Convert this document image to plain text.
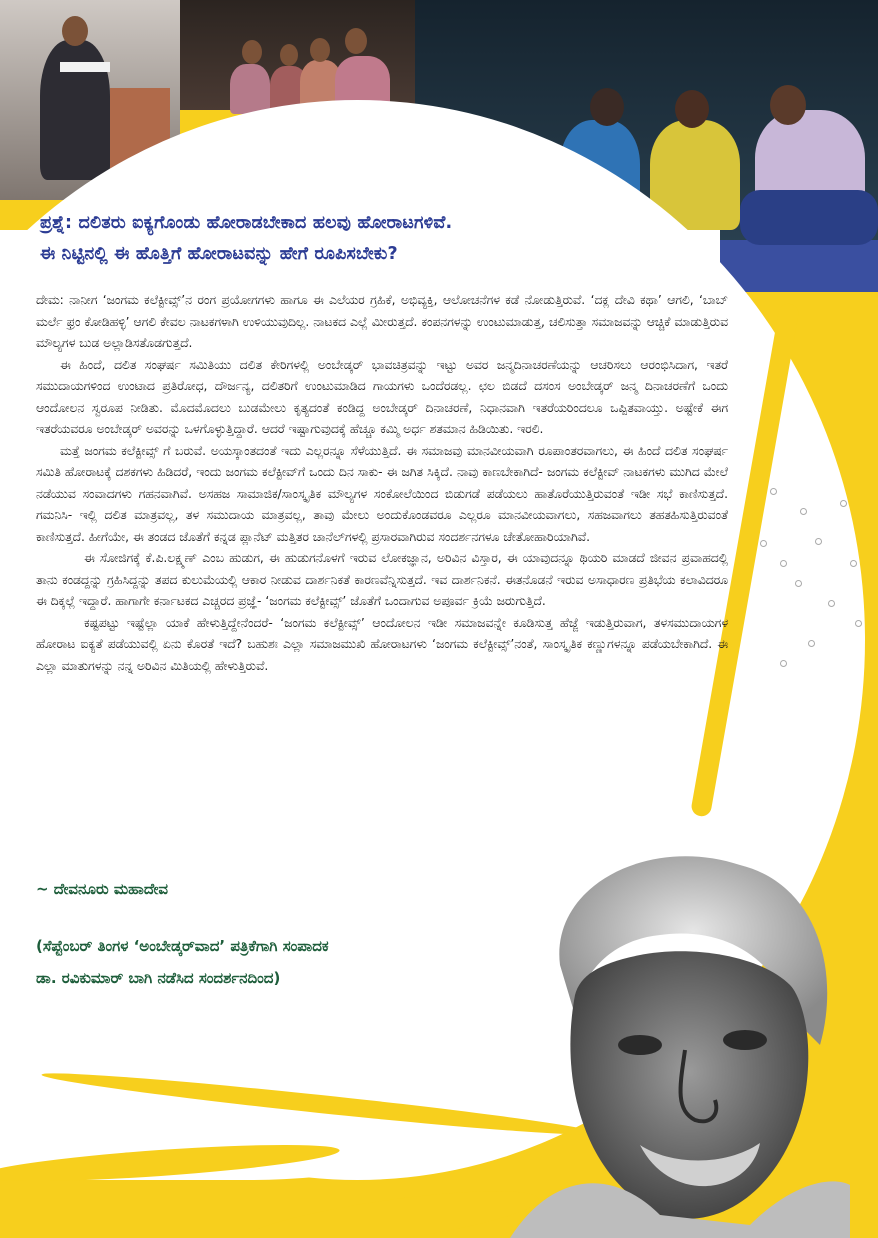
ಪ್ರಶ್ನೆ: ದಲಿತರು ಐಕ್ಯಗೊಂಡು ಹೋರಾಡಬೇಕಾದ ಹಲವು ಹೋರಾಟಗಳಿವೆ.
ಈ ನಿಟ್ಟಿನಲ್ಲಿ ಈ ಹೊತ್ತಿಗೆ ಹೋರಾಟವನ್ನು ಹೇಗೆ ರೂಪಿಸಬೇಕು?

ದೇಮ: ನಾನೀಗ ‘ಜಂಗಮ ಕಲೆಕ್ಟೀವ್ಸ್’ನ ರಂಗ ಪ್ರಯೋಗಗಳು ಹಾಗೂ ಈ ಎಲೆಯರ ಗ್ರಹಿಕೆ, ಅಭಿವ್ಯಕ್ತಿ, ಆಲೋಚನೆಗಳ ಕಡೆ ನೋಡುತ್ತಿರುವೆ. ‘ದಕ್ಲ ದೇವಿ ಕಥಾ’ ಆಗಲಿ, ‘ಬಾಬ್ ಮರ್ಲೆ ಫ್ರಂ ಕೋಡಿಹಳ್ಳಿ’ ಆಗಲಿ ಕೇವಲ ನಾಟಕಗಳಾಗಿ ಉಳಿಯುವುದಿಲ್ಲ. ನಾಟಕದ ಎಲ್ಲೆ ಮೀರುತ್ತದೆ. ಕಂಪನಗಳನ್ನು ಉಂಟುಮಾಡುತ್ತ, ಚಲಿಸುತ್ತಾ ಸಮಾಜವನ್ನು ಆಚ್ಚಿಕೆ ಮಾಡುತ್ತಿರುವ ಮೌಲ್ಯಗಳ ಬುಡ ಅಲ್ಲಾಡಿಸತೊಡಗುತ್ತದೆ.

ಈ ಹಿಂದೆ, ದಲಿತ ಸಂಘರ್ಷ ಸಮಿತಿಯು ದಲಿತ ಕೇರಿಗಳಲ್ಲಿ ಅಂಬೇಡ್ಕರ್ ಭಾವಚಿತ್ರವನ್ನು ಇಟ್ಟು ಅವರ ಜನ್ಮದಿನಾಚರಣೆಯನ್ನು ಆಚರಿಸಲು ಆರಂಭಿಸಿದಾಗ, ಇತರೆ ಸಮುದಾಯಗಳಿಂದ ಉಂಟಾದ ಪ್ರತಿರೋಧ, ದೌರ್ಜನ್ಯ, ದಲಿತರಿಗೆ ಉಂಟುಮಾಡಿದ ಗಾಯಗಳು ಒಂದೆರಡಲ್ಲ. ಛಲ ಬಿಡದೆ ದಸಂಸ ಅಂಬೇಡ್ಕರ್ ಜನ್ಮ ದಿನಾಚರಣೆಗೆ ಒಂದು ಆಂದೋಲನ ಸ್ವರೂಪ ನೀಡಿತು. ಮೊದಮೊದಲು ಬುಡಮೇಲು ಕೃತ್ಯದಂತೆ ಕಂಡಿದ್ದ ಅಂಬೇಡ್ಕರ್ ದಿನಾಚರಣೆ, ನಿಧಾನವಾಗಿ ಇತರೆಯರಿಂದಲೂ ಒಪ್ಪಿತವಾಯ್ತು. ಅಷ್ಟೇಕೆ ಈಗ ಇತರೆಯವರೂ ಅಂಬೇಡ್ಕರ್ ಅವರನ್ನು ಒಳಗೊಳ್ಳುತ್ತಿದ್ದಾರೆ. ಆದರೆ ಇಷ್ಟಾಗುವುದಕ್ಕೆ ಹೆಚ್ಚೂ ಕಮ್ಮಿ ಅರ್ಧ ಶತಮಾನ ಹಿಡಿಯಿತು. ಇರಲಿ.

ಮತ್ತೆ ಜಂಗಮ ಕಲೆಕ್ಟೀವ್ಸ್ ಗೆ ಬರುವೆ. ಅಯಸ್ಕಾಂತದಂತೆ ಇದು ಎಲ್ಲರನ್ನೂ ಸೆಳೆಯುತ್ತಿದೆ. ಈ ಸಮಾಜವು ಮಾನವೀಯವಾಗಿ ರೂಪಾಂತರವಾಗಲು, ಈ ಹಿಂದೆ ದಲಿತ ಸಂಘರ್ಷ ಸಮಿತಿ ಹೋರಾಟಕ್ಕೆ ದಶಕಗಳು ಹಿಡಿದರೆ, ಇಂದು ಜಂಗಮ ಕಲೆಕ್ಟೀವ್‌ಗೆ ಒಂದು ದಿನ ಸಾಕು- ಈ ಜಗಿತ ಸಿಕ್ಕಿದೆ. ನಾವು ಕಾಣಬೇಕಾಗಿದೆ- ಜಂಗಮ ಕಲೆಕ್ಟೀವ್ ನಾಟಕಗಳು ಮುಗಿದ ಮೇಲೆ ನಡೆಯುವ ಸಂವಾದಗಳು ಗಹನವಾಗಿವೆ. ಅಸಹಜ ಸಾಮಾಜಿಕ/ಸಾಂಸ್ಕೃತಿಕ ಮೌಲ್ಯಗಳ ಸಂಕೋಲೆಯಿಂದ ಬಿಡುಗಡೆ ಪಡೆಯಲು ಹಾತೊರೆಯುತ್ತಿರುವಂತೆ ಇಡೀ ಸಭೆ ಕಾಣಿಸುತ್ತದೆ. ಗಮನಿಸಿ- ಇಲ್ಲಿ ದಲಿತ ಮಾತ್ರವಲ್ಲ, ತಳ ಸಮುದಾಯ ಮಾತ್ರವಲ್ಲ, ತಾವು ಮೇಲು ಅಂದುಕೊಂಡವರೂ ಎಲ್ಲರೂ ಮಾನವೀಯವಾಗಲು, ಸಹಜವಾಗಲು ತಹತಹಿಸುತ್ತಿರುವಂತೆ ಕಾಣಿಸುತ್ತದೆ. ಹೀಗೆಯೇ, ಈ ತಂಡದ ಜೊತೆಗೆ ಕನ್ನಡ ಪ್ಲಾನೆಟ್ ಮತ್ತಿತರ ಚಾನೆಲ್‌ಗಳಲ್ಲಿ ಪ್ರಸಾರವಾಗಿರುವ ಸಂದರ್ಶನಗಳೂ ಚೇತೋಹಾರಿಯಾಗಿವೆ.

ಈ ಸೋಜಿಗಕ್ಕೆ ಕೆ.ಪಿ.ಲಕ್ಷ್ಮಣ್ ಎಂಬ ಹುಡುಗ, ಈ ಹುಡುಗನೊಳಗೆ ಇರುವ ಲೋಕಜ್ಞಾನ, ಅರಿವಿನ ವಿಸ್ತಾರ, ಈ ಯಾವುದನ್ನೂ ಥಿಯರಿ ಮಾಡದೆ ಜೀವನ ಪ್ರವಾಹದಲ್ಲಿ ತಾನು ಕಂಡದ್ದನ್ನು ಗ್ರಹಿಸಿದ್ದನ್ನು ತಪದ ಕುಲುಮೆಯಲ್ಲಿ ಆಕಾರ ನೀಡುವ ದಾರ್ಶನಿಕತೆ ಕಾರಣವೆನ್ನಿಸುತ್ತದೆ. ಇವ ದಾರ್ಶನಿಕನೆ. ಈತನೊಡನೆ ಇರುವ ಅಸಾಧಾರಣ ಪ್ರತಿಭೆಯ ಕಲಾವಿದರೂ ಈ ದಿಕ್ಕಲ್ಲೆ ಇದ್ದಾರೆ. ಹಾಗಾಗೇ ಕರ್ನಾಟಕದ ಎಚ್ಚರದ ಪ್ರಜ್ಞೆ- ‘ಜಂಗಮ ಕಲೆಕ್ಟೀವ್ಸ್’ ಜೊತೆಗೆ ಒಂದಾಗುವ ಅಪೂರ್ವ ಕ್ರಿಯೆ ಜರುಗುತ್ತಿದೆ.

ಕಷ್ಟಪಟ್ಟು ಇಷ್ಟೆಲ್ಲಾ ಯಾಕೆ ಹೇಳುತ್ತಿದ್ದೇನೆಂದರೆ- ‘ಜಂಗಮ ಕಲೆಕ್ಟೀವ್ಸ್’ ಆಂದೋಲನ ಇಡೀ ಸಮಾಜವನ್ನೇ ಕೂಡಿಸುತ್ತ ಹೆಜ್ಜೆ ಇಡುತ್ತಿರುವಾಗ, ತಳಸಮುದಾಯಗಳ ಹೋರಾಟ ಐಕ್ಯತೆ ಪಡೆಯುವಲ್ಲಿ ಏನು ಕೊರತೆ ಇದೆ? ಬಹುಶಃ ಎಲ್ಲಾ ಸಮಾಜಮುಖಿ ಹೋರಾಟಗಳು ‘ಜಂಗಮ ಕಲೆಕ್ಟೀವ್ಸ್’ನಂತೆ, ಸಾಂಸ್ಕೃತಿಕ ಕಣ್ಣುಗಳನ್ನೂ ಪಡೆಯಬೇಕಾಗಿದೆ. ಈ ಎಲ್ಲಾ ಮಾತುಗಳನ್ನು ನನ್ನ ಅರಿವಿನ ಮಿತಿಯಲ್ಲಿ ಹೇಳುತ್ತಿರುವೆ.

~ ದೇವನೂರು ಮಹಾದೇವ
(ಸೆಪ್ಟೆಂಬರ್ ತಿಂಗಳ ‘ಅಂಬೇಡ್ಕರ್‌ವಾದ’ ಪತ್ರಿಕೆಗಾಗಿ ಸಂಪಾದಕ
ಡಾ. ರವಿಕುಮಾರ್ ಬಾಗಿ ನಡೆಸಿದ ಸಂದರ್ಶನದಿಂದ)
